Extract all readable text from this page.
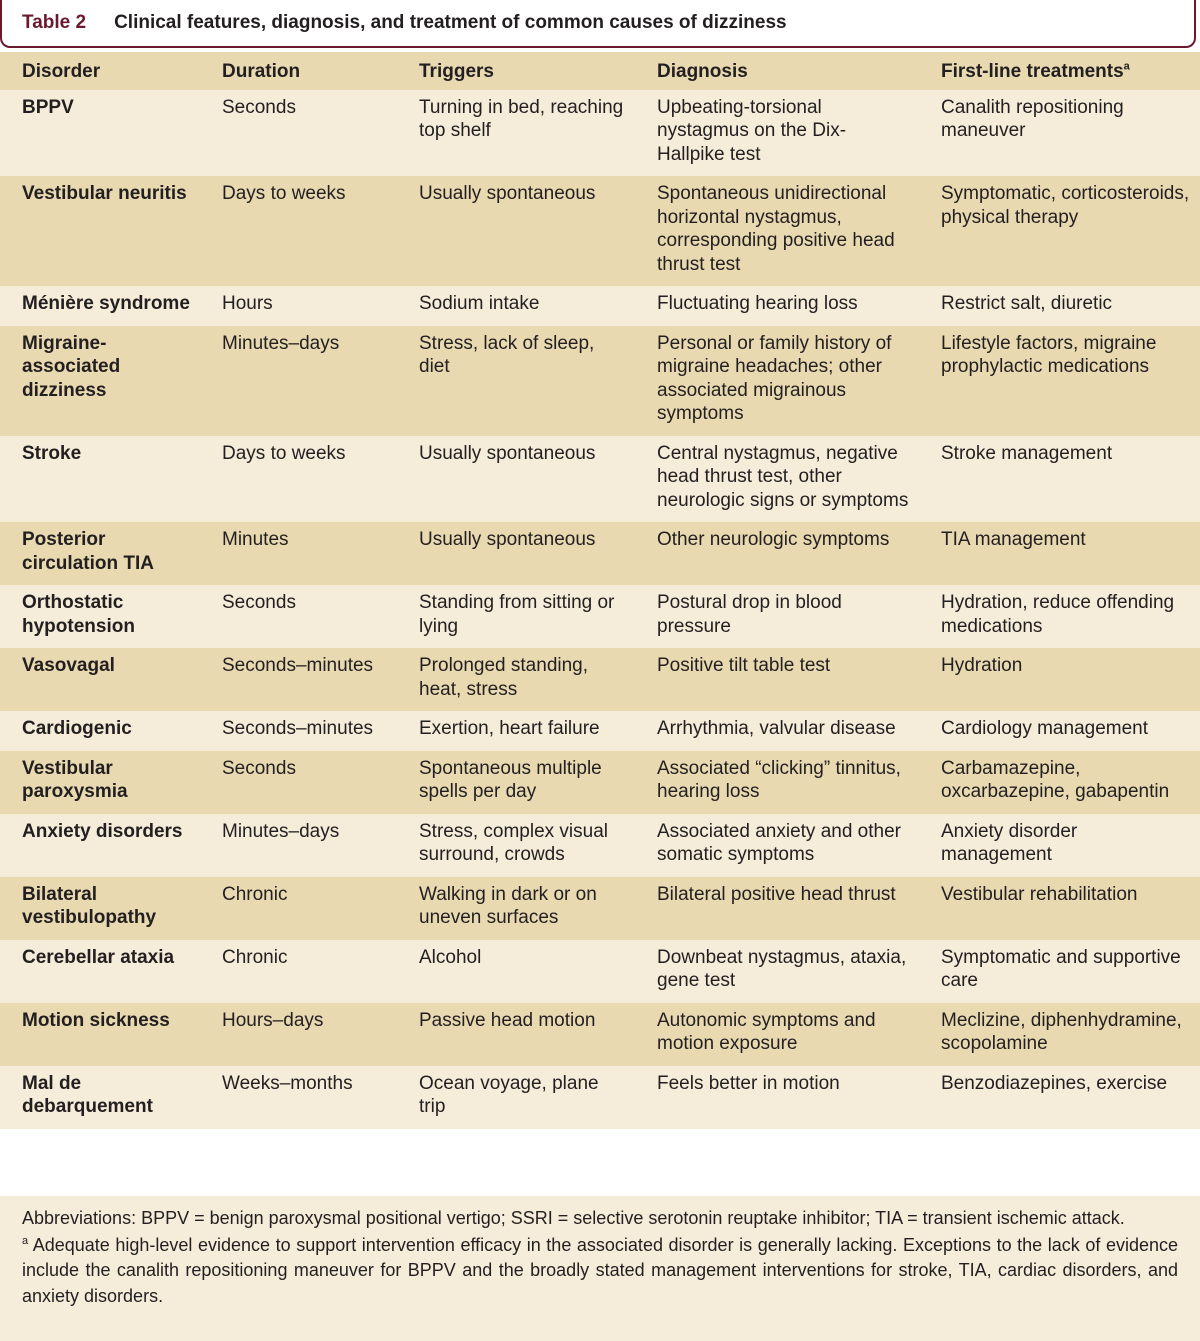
Table 2 Clinical features, diagnosis, and treatment of common causes of dizziness
Disorder	Duration	Triggers	Diagnosis	First-line treatments$^a$
BPPV	Seconds	Turning in bed, reaching top shelf	Upbeating-torsional nystagmus on the Dix-Hallpike test	Canalith repositioning maneuver
Vestibular neuritis	Days to weeks	Usually spontaneous	Spontaneous unidirectional horizontal nystagmus, corresponding positive head thrust test	Symptomatic, corticosteroids, physical therapy
Ménière syndrome	Hours	Sodium intake	Fluctuating hearing loss	Restrict salt, diuretic
Migraine-associated dizziness	Minutes–days	Stress, lack of sleep, diet	Personal or family history of migraine headaches; other associated migrainous symptoms	Lifestyle factors, migraine prophylactic medications
Stroke	Days to weeks	Usually spontaneous	Central nystagmus, negative head thrust test, other neurologic signs or symptoms	Stroke management
Posterior circulation TIA	Minutes	Usually spontaneous	Other neurologic symptoms	TIA management
Orthostatic hypotension	Seconds	Standing from sitting or lying	Postural drop in blood pressure	Hydration, reduce offending medications
Vasovagal	Seconds–minutes	Prolonged standing, heat, stress	Positive tilt table test	Hydration
Cardiogenic	Seconds–minutes	Exertion, heart failure	Arrhythmia, valvular disease	Cardiology management
Vestibular paroxysmia	Seconds	Spontaneous multiple spells per day	Associated “clicking” tinnitus, hearing loss	Carbamazepine, oxcarbazepine, gabapentin
Anxiety disorders	Minutes–days	Stress, complex visual surround, crowds	Associated anxiety and other somatic symptoms	Anxiety disorder management
Bilateral vestibulopathy	Chronic	Walking in dark or on uneven surfaces	Bilateral positive head thrust	Vestibular rehabilitation
Cerebellar ataxia	Chronic	Alcohol	Downbeat nystagmus, ataxia, gene test	Symptomatic and supportive care
Motion sickness	Hours–days	Passive head motion	Autonomic symptoms and motion exposure	Meclizine, diphenhydramine, scopolamine
Mal de debarquement	Weeks–months	Ocean voyage, plane trip	Feels better in motion	Benzodiazepines, exercise

Abbreviations: BPPV = benign paroxysmal positional vertigo; SSRI = selective serotonin reuptake inhibitor; TIA = transient ischemic attack.

$^a$ Adequate high-level evidence to support intervention efficacy in the associated disorder is generally lacking. Exceptions to the lack of evidence include the canalith repositioning maneuver for BPPV and the broadly stated management interventions for stroke, TIA, cardiac disorders, and anxiety disorders.
